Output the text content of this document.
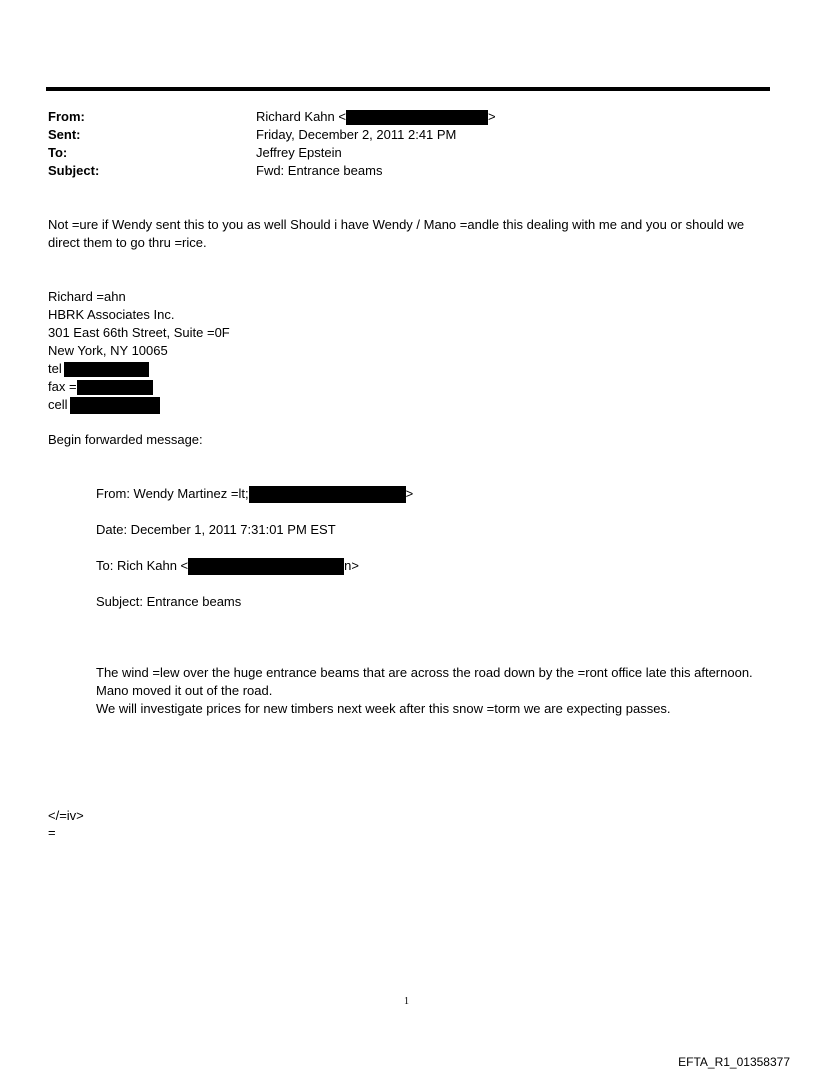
From:	Richard Kahn <	>
Sent:	Friday, December 2, 2011 2:41 PM
To:	Jeffrey Epstein
Subject:	Fwd: Entrance beams
Not =ure if Wendy sent this to you as well Should i have Wendy / Mano =andle this dealing with me and you or should we direct them to go thru =rice.
Richard =ahn
HBRK Associates Inc.
301 East 66th Street, Suite =0F
New York, NY 10065
tel
fax =
cell
Begin forwarded message:
From: Wendy Martinez =lt;	>
Date: December 1, 2011 7:31:01 PM EST
To: Rich Kahn <	n>
Subject: Entrance beams
The wind =lew over the huge entrance beams that are across the road down by the =ront office late this afternoon. Mano moved it out of the road.
We will investigate prices for new timbers next week after this snow =torm we are expecting passes.
</=iv>
=
1
EFTA_R1_01358377
